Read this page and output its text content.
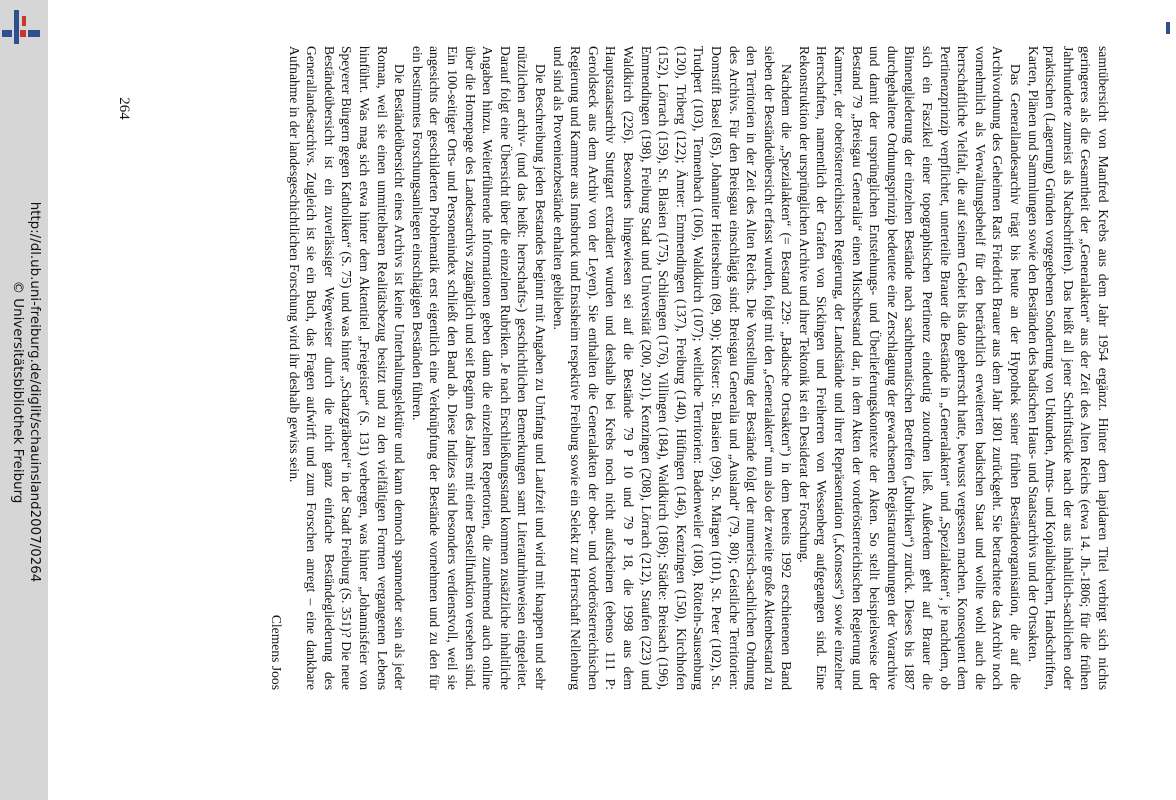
http://dl.ub.uni-freiburg.de/diglit/schauinsland2007/0264
© Universitätsbibliothek Freiburg
264	samtübersicht von Manfred Krebs aus dem Jahr 1954 ergänzt. Hinter dem lapidaren Titel verbirgt sich nichts geringeres als die Gesamtheit der „Generalakten“ aus der Zeit des Alten Reichs (etwa 14. Jh.-1806; für die frühen Jahrhunderte zumeist als Nachschriften). Das heißt all jener Schriftstücke nach der aus inhaltlich-sachlichen oder praktischen (Lagerung) Gründen vorgegebenen Sonderung von Urkunden, Amts- und Kopialbüchern, Handschriften, Karten, Plänen und Sammlungen sowie den Beständen des badischen Haus- und Staatsarchivs und der Ortsakten.

Das Generallandesarchiv trägt bis heute an der Hypothek seiner frühen Beständeorganisation, die auf die Archivordnung des Geheimen Rats Friedrich Brauer aus dem Jahr 1801 zurückgeht. Sie betrachtete das Archiv noch vornehmlich als Verwaltungsbehelf für den beträchtlich erweiterten badischen Staat und wollte wohl auch die herrschaftliche Vielfalt, die auf seinem Gebiet bis dato geherrscht hatte, bewusst vergessen machen. Konsequent dem Pertinenzprinzip verpflichtet, unterteilte Brauer die Bestände in „Generalakten“ und „Spezialakten“, je nachdem, ob sich ein Faszikel einer topographischen Pertinenz eindeutig zuordnen ließ. Außerdem geht auf Brauer die Binnengliederung der einzelnen Bestände nach sachthematischen Betreffen („Rubriken“) zurück. Dieses bis 1887 durchgehaltene Ordnungsprinzip bedeutete eine Zerschlagung der gewachsenen Registraturordnungen der Vorarchive und damit der ursprünglichen Entstehungs- und Überlieferungskontexte der Akten. So stellt beispielsweise der Bestand 79 „Breisgau Generalia“ einen Mischbestand dar, in dem Akten der vorderösterreichischen Regierung und Kammer, der oberösterreichischen Regierung, der Landstände und ihrer Repräsentation („Konsess“) sowie einzelner Herrschaften, namentlich der Grafen von Sickingen und Freiherren von Wessenberg aufgegangen sind. Eine Rekonstruktion der ursprünglichen Archive und ihrer Tektonik ist ein Desiderat der Forschung.

Nachdem die „Spezialakten“ (= Bestand 229: „Badische Ortsakten“) in dem bereits 1992 erschienenen Band sieben der Beständeübersicht erfasst wurden, folgt mit den „Generalakten“ nun also der zweite große Aktenbestand zu den Territorien in der Zeit des Alten Reichs. Die Vorstellung der Bestände folgt der numerisch-sachlichen Ordnung des Archivs. Für den Breisgau einschlägig sind: Breisgau Generalia und „Ausland“ (79, 80); Geistliche Territorien: Domstift Basel (85), Johanniter Heitersheim (89, 90); Klöster: St. Blasien (99), St. Märgen (101), St. Peter (102), St. Trudpert (103), Tennenbach (106), Waldkirch (107); weltliche Territorien: Badenweiler (108), Rötteln-Sausenburg (120), Triberg (122); Ämter: Emmendingen (137), Freiburg (140), Hüfingen (146), Kenzingen (150), Kirchhofen (152), Lörrach (159), St. Blasien (175), Schliengen (176), Villingen (184), Waldkirch (186); Städte: Breisach (196), Emmendingen (198), Freiburg Stadt und Universität (200, 201), Kenzingen (208), Lörrach (212), Staufen (223) und Waldkirch (226). Besonders hingewiesen sei auf die Bestände 79 P 10 und 79 P 18, die 1998 aus dem Hauptstaatsarchiv Stuttgart extradiert wurden und deshalb bei Krebs noch nicht aufscheinen (ebenso 111 P: Geroldseck aus dem Archiv von der Leyen). Sie enthalten die Generalakten der ober- und vorderösterreichischen Regierung und Kammer aus Innsbruck und Ensisheim respektive Freiburg sowie ein Selekt zur Herrschaft Nellenburg und sind als Provenienzbestände erhalten geblieben.

Die Beschreibung jeden Bestandes beginnt mit Angaben zu Umfang und Laufzeit und wird mit knappen und sehr nützlichen archiv- (und das heißt: herrschafts-) geschichtlichen Bemerkungen samt Literaturhinweisen eingeleitet. Darauf folgt eine Übersicht über die einzelnen Rubriken. Je nach Erschließungsstand kommen zusätzliche inhaltliche Angaben hinzu. Weiterführende Informationen geben dann die einzelnen Repertorien, die zunehmend auch online über die Homepage des Landesarchivs zugänglich und seit Beginn des Jahres mit einer Bestellfunktion versehen sind. Ein 100-seitiger Orts- und Personenindex schließt den Band ab. Diese Indizes sind besonders verdienstvoll, weil sie angesichts der geschilderten Problematik erst eigentlich eine Verknüpfung der Bestände vornehmen und zu den für ein bestimmtes Forschungsanliegen einschlägigen Beständen führen.

Die Beständeübersicht eines Archivs ist keine Unterhaltungslektüre und kann dennoch spannender sein als jeder Roman, weil sie einen unmittelbaren Realitätsbezug besitzt und zu den vielfältigen Formen vergangenen Lebens hinführt. Was mag sich etwa hinter dem Aktentitel „Freigeister“ (S. 131) verbergen, was hinter „Johannisfeier von Speyerer Bürgern gegen Katholiken“ (S. 75) und was hinter „Schatzgräberei“ in der Stadt Freiburg (S. 351)? Die neue Beständeübersicht ist ein zuverlässiger Wegweiser durch die nicht ganz einfache Beständegliederung des Generallandesarchivs. Zugleich ist sie ein Buch, das Fragen aufwirft und zum Forschen anregt – eine dankbare Aufnahme in der landesgeschichtlichen Forschung wird ihr deshalb gewiss sein.

Clemens Joos
